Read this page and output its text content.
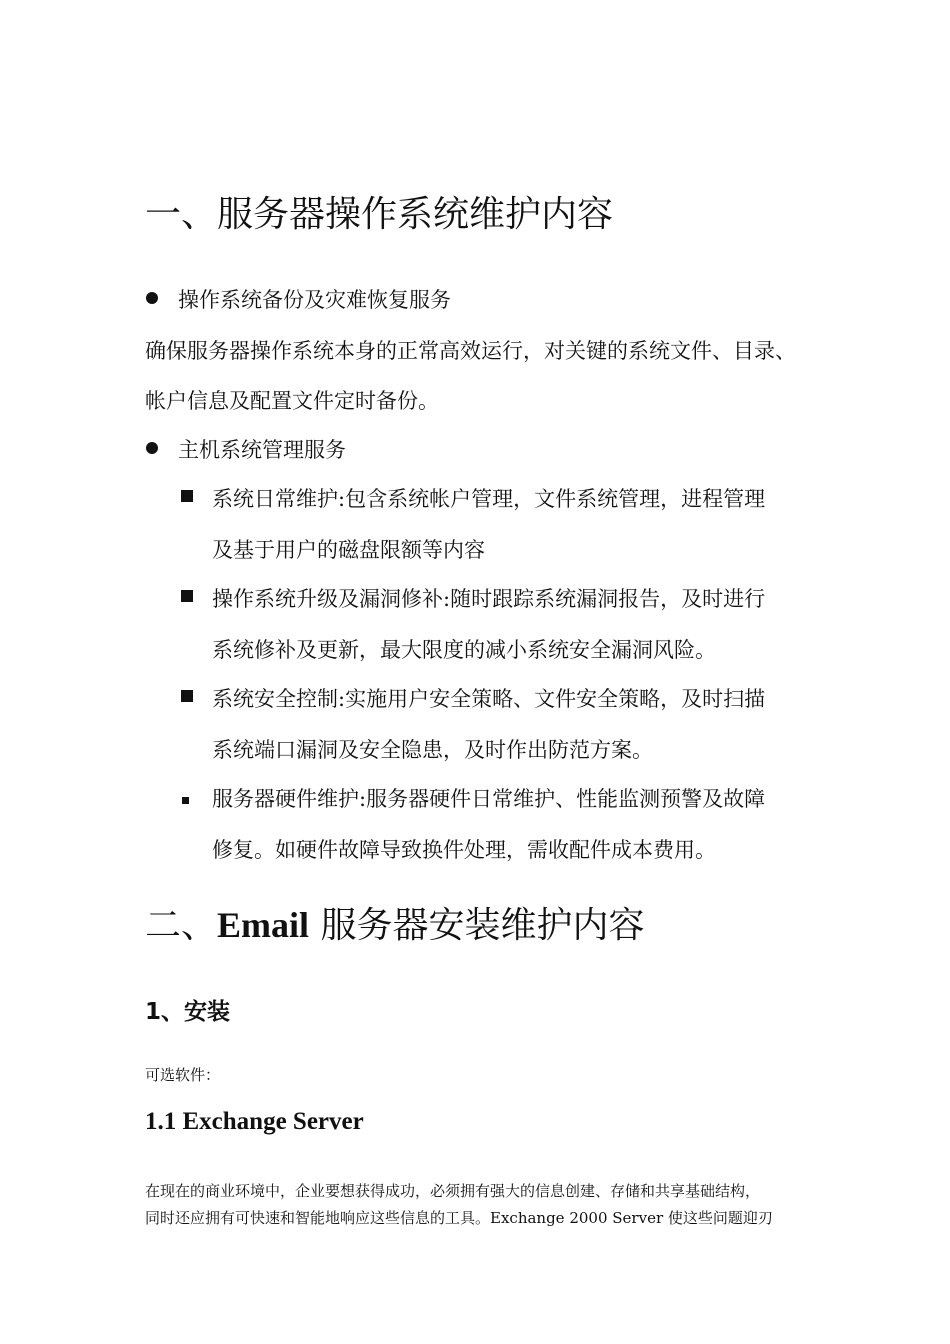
一、服务器操作系统维护内容
操作系统备份及灾难恢复服务
确保服务器操作系统本身的正常高效运行，对关键的系统文件、目录、
帐户信息及配置文件定时备份。
主机系统管理服务
系统日常维护:包含系统帐户管理，文件系统管理，进程管理
及基于用户的磁盘限额等内容
操作系统升级及漏洞修补:随时跟踪系统漏洞报告，及时进行
系统修补及更新，最大限度的减小系统安全漏洞风险。
系统安全控制:实施用户安全策略、文件安全策略，及时扫描
系统端口漏洞及安全隐患，及时作出防范方案。
服务器硬件维护:服务器硬件日常维护、性能监测预警及故障
修复。如硬件故障导致换件处理，需收配件成本费用。
二、Email 服务器安装维护内容
1、安装
可选软件：
1.1 Exchange Server
在现在的商业环境中，企业要想获得成功，必须拥有强大的信息创建、存储和共享基础结构，
同时还应拥有可快速和智能地响应这些信息的工具。Exchange 2000 Server 使这些问题迎刃
